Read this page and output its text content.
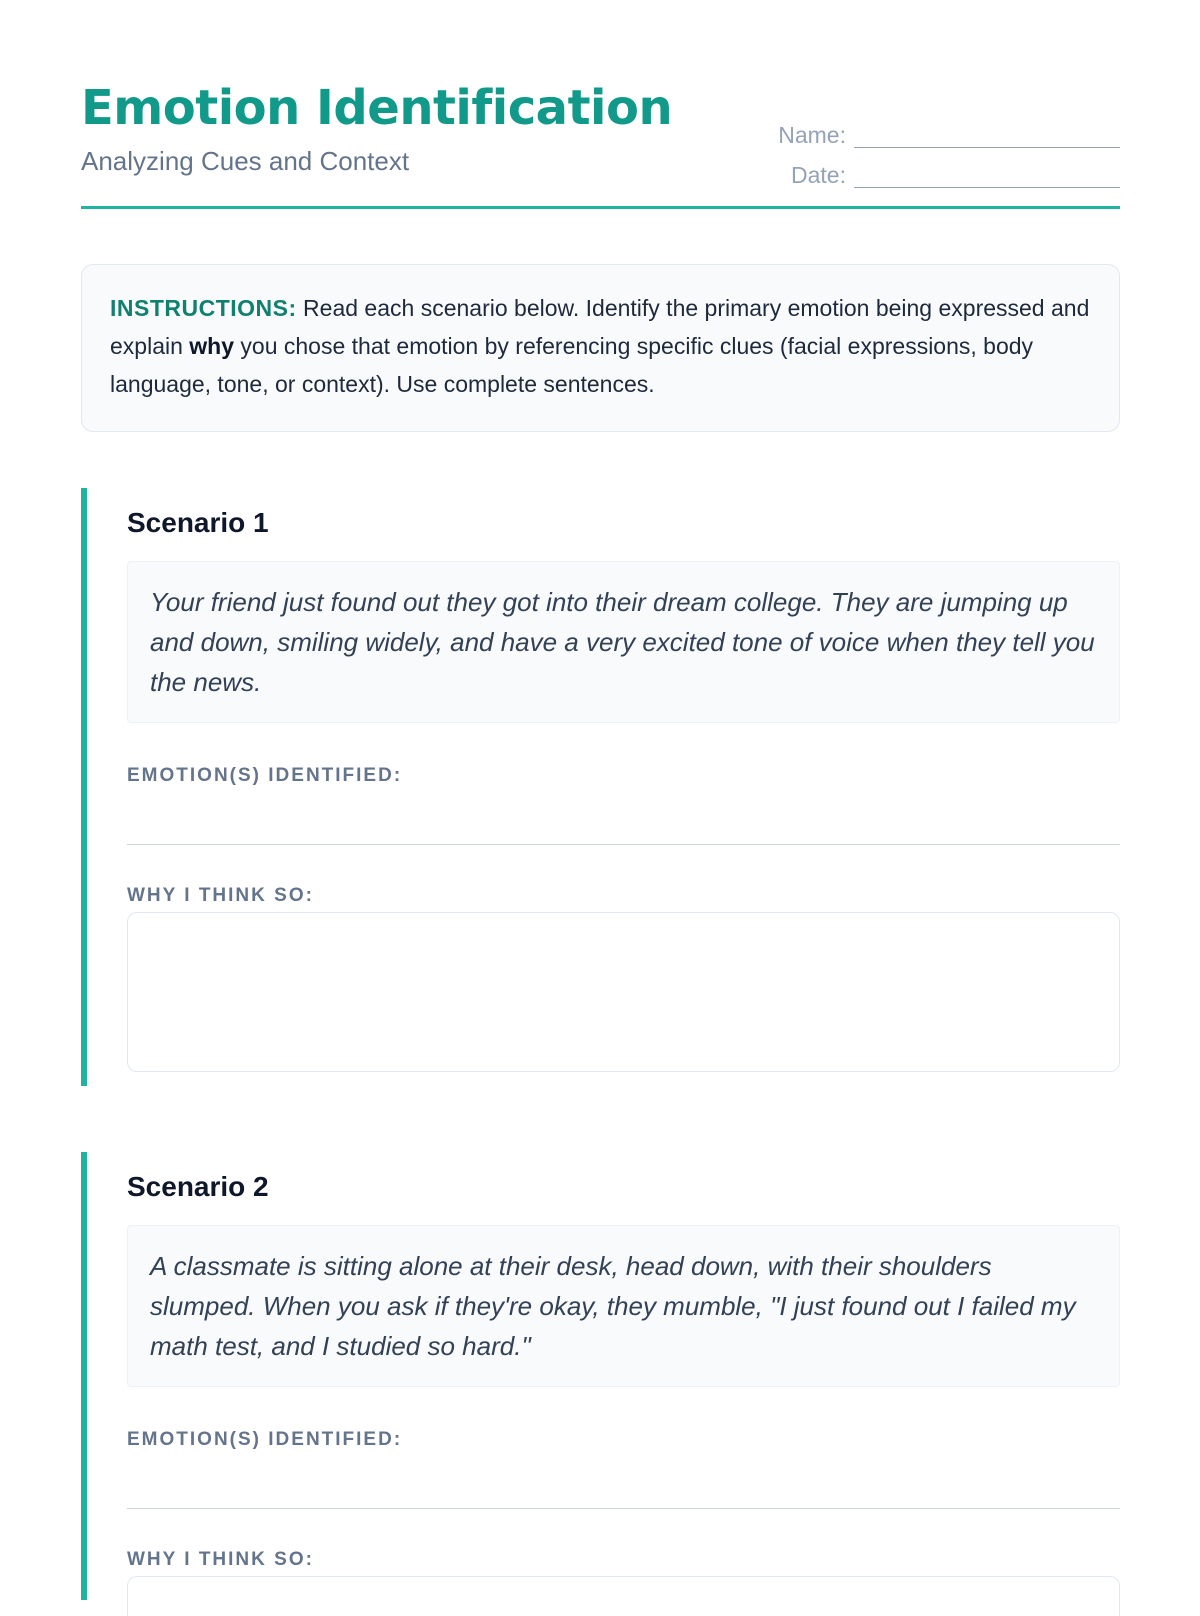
Emotion Identification

Analyzing Cues and Context

Name:
Date:
INSTRUCTIONS: Read each scenario below. Identify the primary emotion being expressed and explain why you chose that emotion by referencing specific clues (facial expressions, body language, tone, or context). Use complete sentences.
Scenario 1
Your friend just found out they got into their dream college. They are jumping up and down, smiling widely, and have a very excited tone of voice when they tell you the news.

EMOTION(S) IDENTIFIED:

WHY I THINK SO:

Scenario 2
A classmate is sitting alone at their desk, head down, with their shoulders slumped. When you ask if they're okay, they mumble, "I just found out I failed my math test, and I studied so hard."

EMOTION(S) IDENTIFIED:

WHY I THINK SO:
